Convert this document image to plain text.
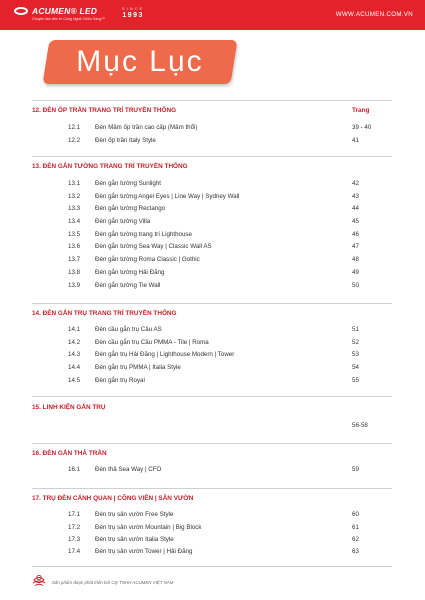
ACUMEN® LED
Chuyên làm đèn trí Công Nghệ Chiếu Sáng™
SINCE
1993	WWW.ACUMEN.COM.VN
Mục Lục
12. ĐÈN ỐP TRẦN TRANG TRÍ TRUYỀN THỐNG	Trang
12.1 Đèn Mâm ốp trần cao cấp (Mâm thổi)	39 - 40
12.2 Đèn ốp trần Italy Style	41
13. ĐÈN GẮN TƯỜNG TRANG TRÍ TRUYỀN THỐNG
13.1 Đèn gắn tường Sunlight	42
13.2 Đèn gắn tường Angel Eyes | Line Way | Sydney Wall	43
13.3 Đèn gắn tường Rectango	44
13.4 Đèn gắn tường Villa	45
13.5 Đèn gắn tường trang trí Lighthouse	46
13.6 Đèn gắn tường Sea Way | Classic Wall AS	47
13.7 Đèn gắn tường Roma Classic | Gothic	48
13.8 Đèn gắn tường Hải Đăng	49
13.9 Đèn gắn tường Tie Wall	50
14. ĐÈN GẮN TRỤ TRANG TRÍ TRUYỀN THỐNG
14.1 Đèn cầu gắn trụ Cầu AS	51
14.2 Đèn cầu gắn trụ Cầu PMMA - Tile | Roma	52
14.3 Đèn gắn trụ Hải Đăng | Lighthouse Modern | Tower	53
14.4 Đèn gắn trụ PMMA | Italia Style	54
14.5 Đèn gắn trụ Royal	55
15. LINH KIỆN GẮN TRỤ
56-58
16. ĐÈN GẮN THẢ TRẦN
16.1 Đèn thả Sea Way | CFO	59
17. TRỤ ĐÈN CẢNH QUAN | CÔNG VIÊN | SÂN VƯỜN
17.1 Đèn trụ sân vườn Free Style	60
17.2 Đèn trụ sân vườn Mountain | Big Block	61
17.3 Đèn trụ sân vườn Italia Style	62
17.4 Đèn trụ sân vườn Tower | Hải Đăng	63
Sản phẩm được phát triển bởi Cty TNHH ACUMEN VIỆT NAM
